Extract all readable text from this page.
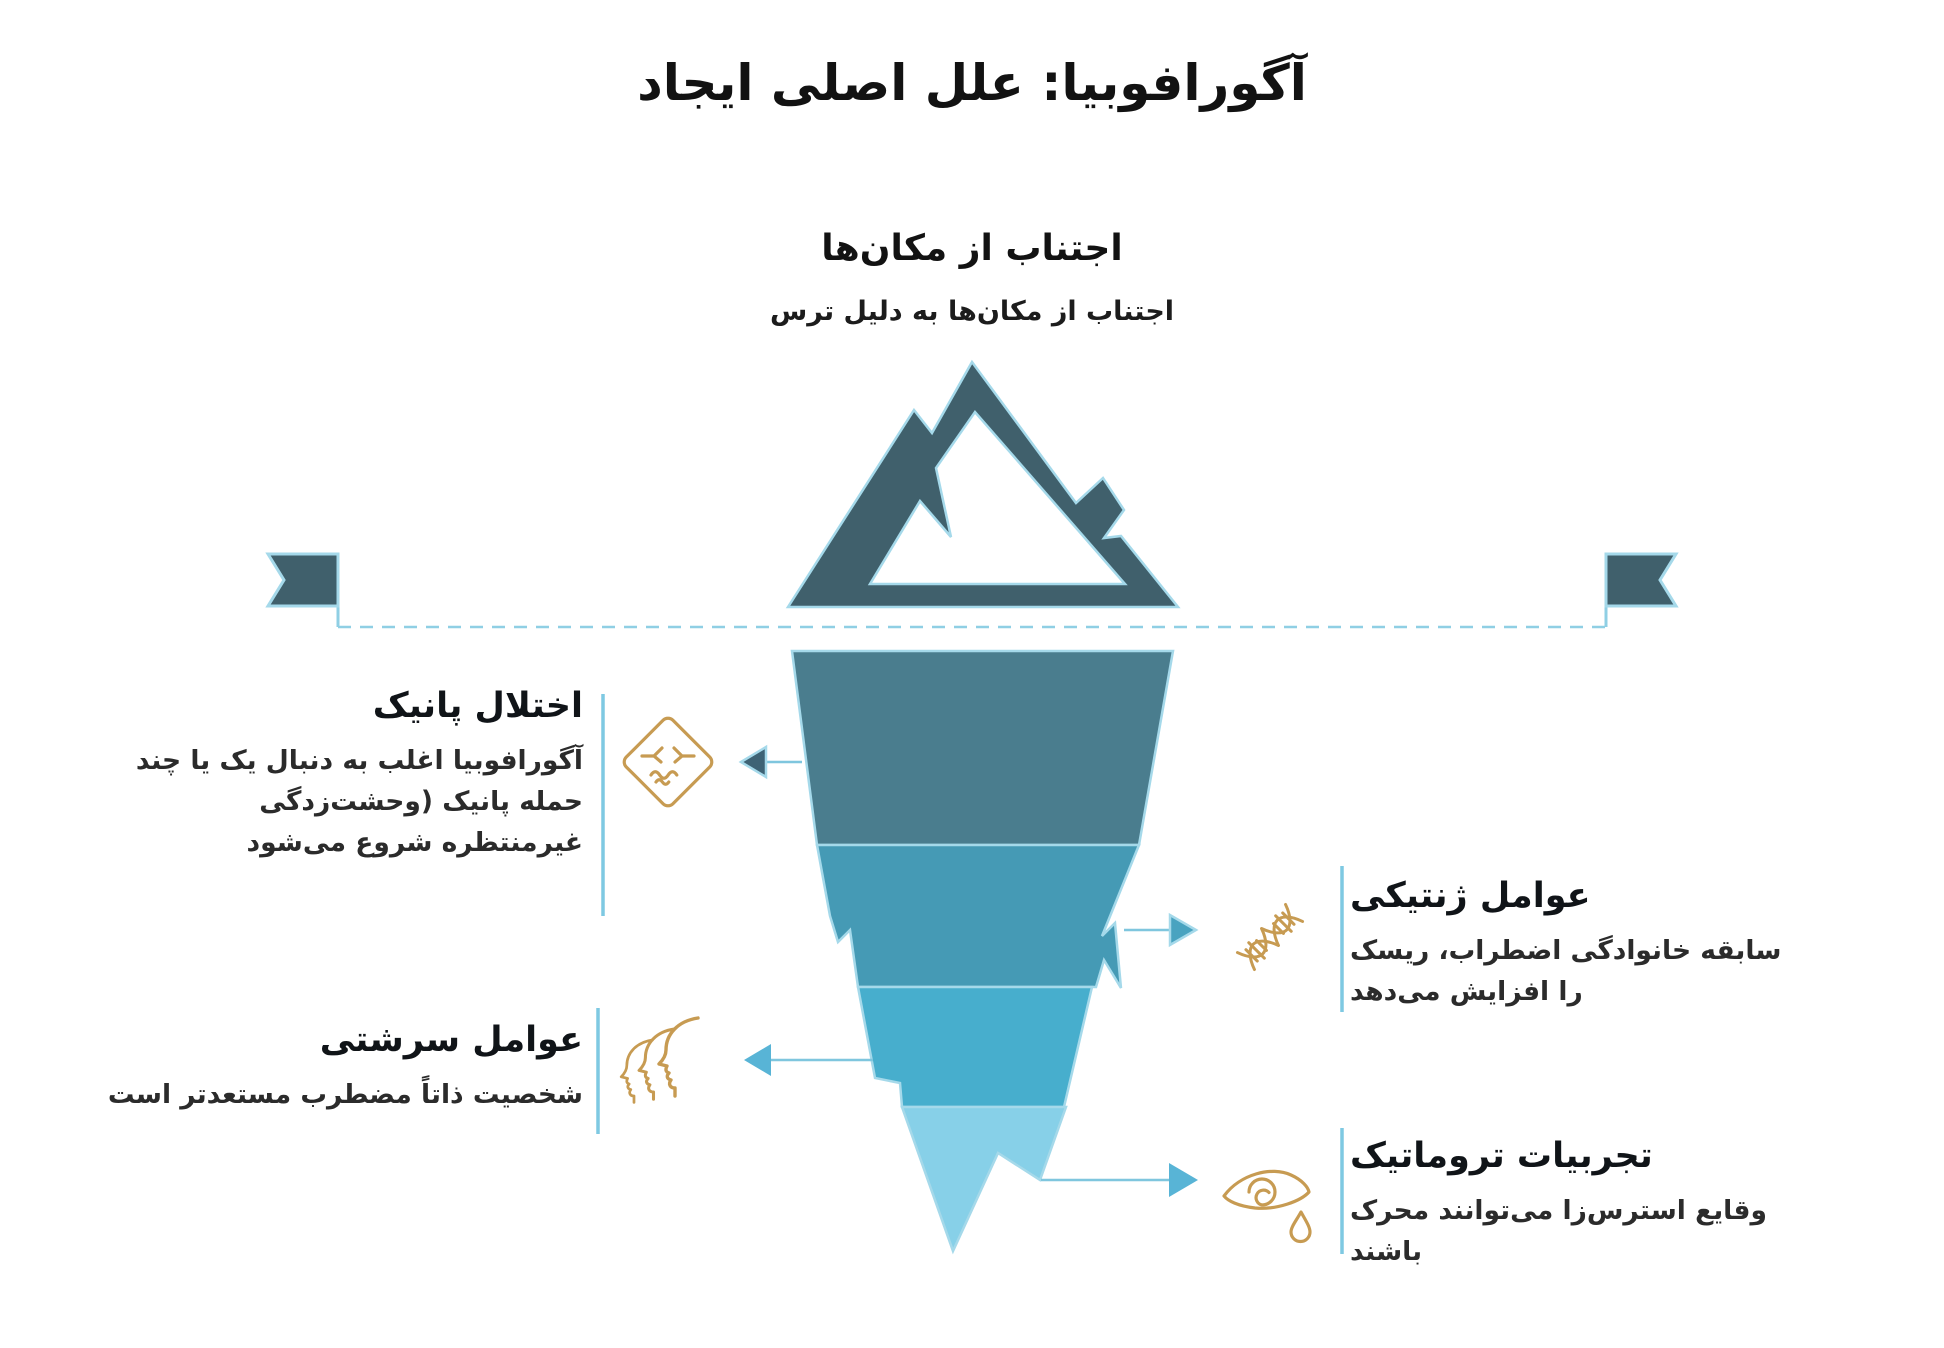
آگورافوبیا: علل اصلی ایجاد
اجتناب از مکان‌ها
اجتناب از مکان‌ها به دلیل ترس

اختلال پانیک

آگورافوبیا اغلب به دنبال یک یا چند حمله پانیک (وحشت‌زدگی غیرمنتظره شروع می‌شود

عوامل ژنتیکی

سابقه خانوادگی اضطراب، ریسک را افزایش می‌دهد

عوامل سرشتی

شخصیت ذاتاً مضطرب مستعدتر است

تجربیات تروماتیک

وقایع استرس‌زا می‌توانند محرک باشند
